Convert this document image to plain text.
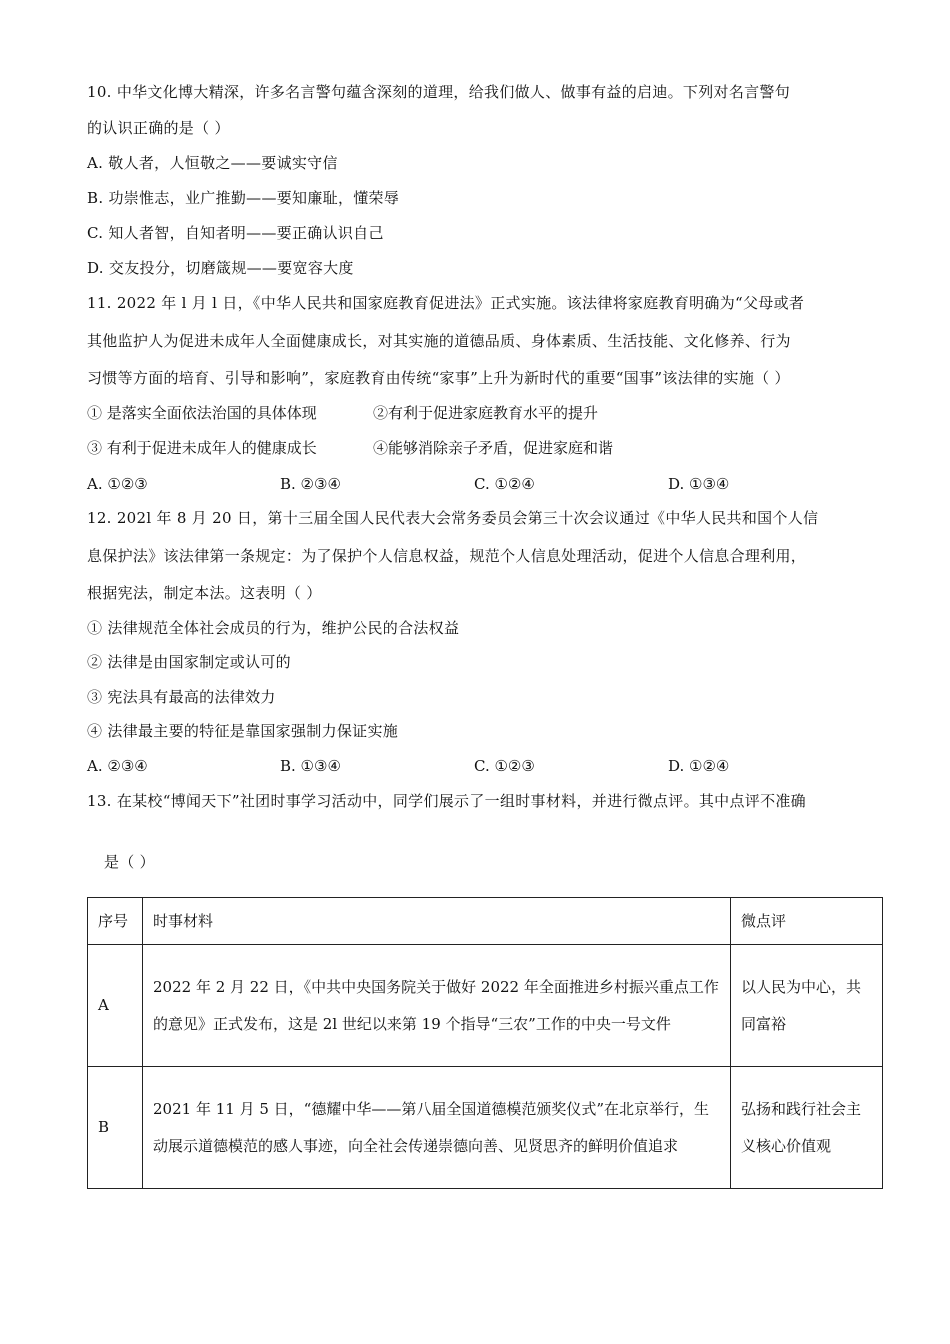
10. 中华文化博大精深，许多名言警句蕴含深刻的道理，给我们做人、做事有益的启迪。下列对名言警句
的认识正确的是（ ）
A. 敬人者，人恒敬之——要诚实守信
B. 功崇惟志，业广推勤——要知廉耻，懂荣辱
C. 知人者智，自知者明——要正确认识自己
D. 交友投分，切磨箴规——要宽容大度
11. 2022 年 l 月 l 日，《中华人民共和国家庭教育促进法》正式实施。该法律将家庭教育明确为“父母或者
其他监护人为促进未成年人全面健康成长，对其实施的道德品质、身体素质、生活技能、文化修养、行为
习惯等方面的培育、引导和影响”，家庭教育由传统“家事”上升为新时代的重要“国事”该法律的实施（ ）
① 是落实全面依法治国的具体体现	②有利于促进家庭教育水平的提升
③ 有利于促进未成年人的健康成长	④能够消除亲子矛盾，促进家庭和谐
A. ①②③	B. ②③④	C. ①②④	D. ①③④
12. 202l 年 8 月 20 日，第十三届全国人民代表大会常务委员会第三十次会议通过《中华人民共和国个人信
息保护法》该法律第一条规定：为了保护个人信息权益，规范个人信息处理活动，促进个人信息合理利用，
根据宪法，制定本法。这表明（ ）
① 法律规范全体社会成员的行为，维护公民的合法权益
② 法律是由国家制定或认可的
③ 宪法具有最高的法律效力
④ 法律最主要的特征是靠国家强制力保证实施
A. ②③④	B. ①③④	C. ①②③	D. ①②④
13. 在某校“博闻天下”社团时事学习活动中，同学们展示了一组时事材料，并进行微点评。其中点评不准确
是（ ）
序号	时事材料	微点评
A	2022 年 2 月 22 日，《中共中央国务院关于做好 2022 年全面推进乡村振兴重点工作的意见》正式发布，这是 2l 世纪以来第 19 个指导“三农”工作的中央一号文件	以人民为中心，共同富裕

B	2021 年 11 月 5 日，“德耀中华——第八届全国道德模范颁奖仪式”在北京举行，生动展示道德模范的感人事迹，向全社会传递崇德向善、见贤思齐的鲜明价值追求	弘扬和践行社会主义核心价值观
